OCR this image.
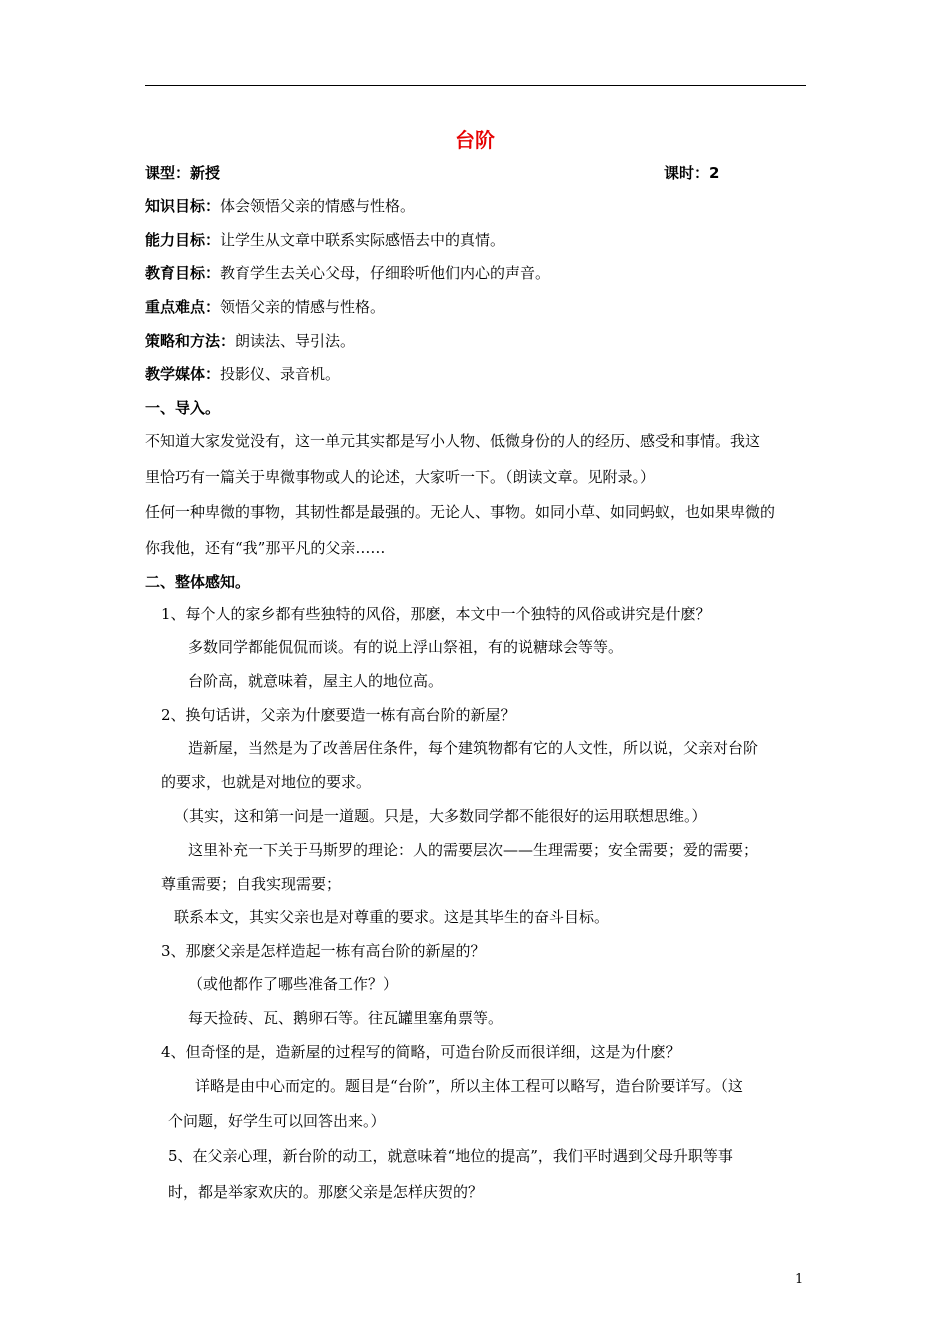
台阶
课型：新授	课时：2
知识目标：体会领悟父亲的情感与性格。
能力目标：让学生从文章中联系实际感悟去中的真情。
教育目标：教育学生去关心父母，仔细聆听他们内心的声音。
重点难点：领悟父亲的情感与性格。
策略和方法：朗读法、导引法。
教学媒体：投影仪、录音机。
一、导入。
不知道大家发觉没有，这一单元其实都是写小人物、低微身份的人的经历、感受和事情。我这
里恰巧有一篇关于卑微事物或人的论述，大家听一下。（朗读文章。见附录。）
任何一种卑微的事物，其韧性都是最强的。无论人、事物。如同小草、如同蚂蚁，也如果卑微的
你我他，还有“我”那平凡的父亲……
二、整体感知。
1、每个人的家乡都有些独特的风俗，那麽，本文中一个独特的风俗或讲究是什麽？
多数同学都能侃侃而谈。有的说上浮山祭祖，有的说糖球会等等。
台阶高，就意味着，屋主人的地位高。
2、换句话讲，父亲为什麽要造一栋有高台阶的新屋？
造新屋，当然是为了改善居住条件，每个建筑物都有它的人文性，所以说，父亲对台阶
的要求，也就是对地位的要求。
（其实，这和第一问是一道题。只是，大多数同学都不能很好的运用联想思维。）
这里补充一下关于马斯罗的理论：人的需要层次——生理需要；安全需要；爱的需要；
尊重需要；自我实现需要；
联系本文，其实父亲也是对尊重的要求。这是其毕生的奋斗目标。
3、那麽父亲是怎样造起一栋有高台阶的新屋的？
（或他都作了哪些准备工作？）
每天捡砖、瓦、鹅卵石等。往瓦罐里塞角票等。
4、但奇怪的是，造新屋的过程写的简略，可造台阶反而很详细，这是为什麽？
详略是由中心而定的。题目是“台阶”，所以主体工程可以略写，造台阶要详写。（这
个问题，好学生可以回答出来。）
5、在父亲心理，新台阶的动工，就意味着“地位的提高”，我们平时遇到父母升职等事
时，都是举家欢庆的。那麽父亲是怎样庆贺的？
1
